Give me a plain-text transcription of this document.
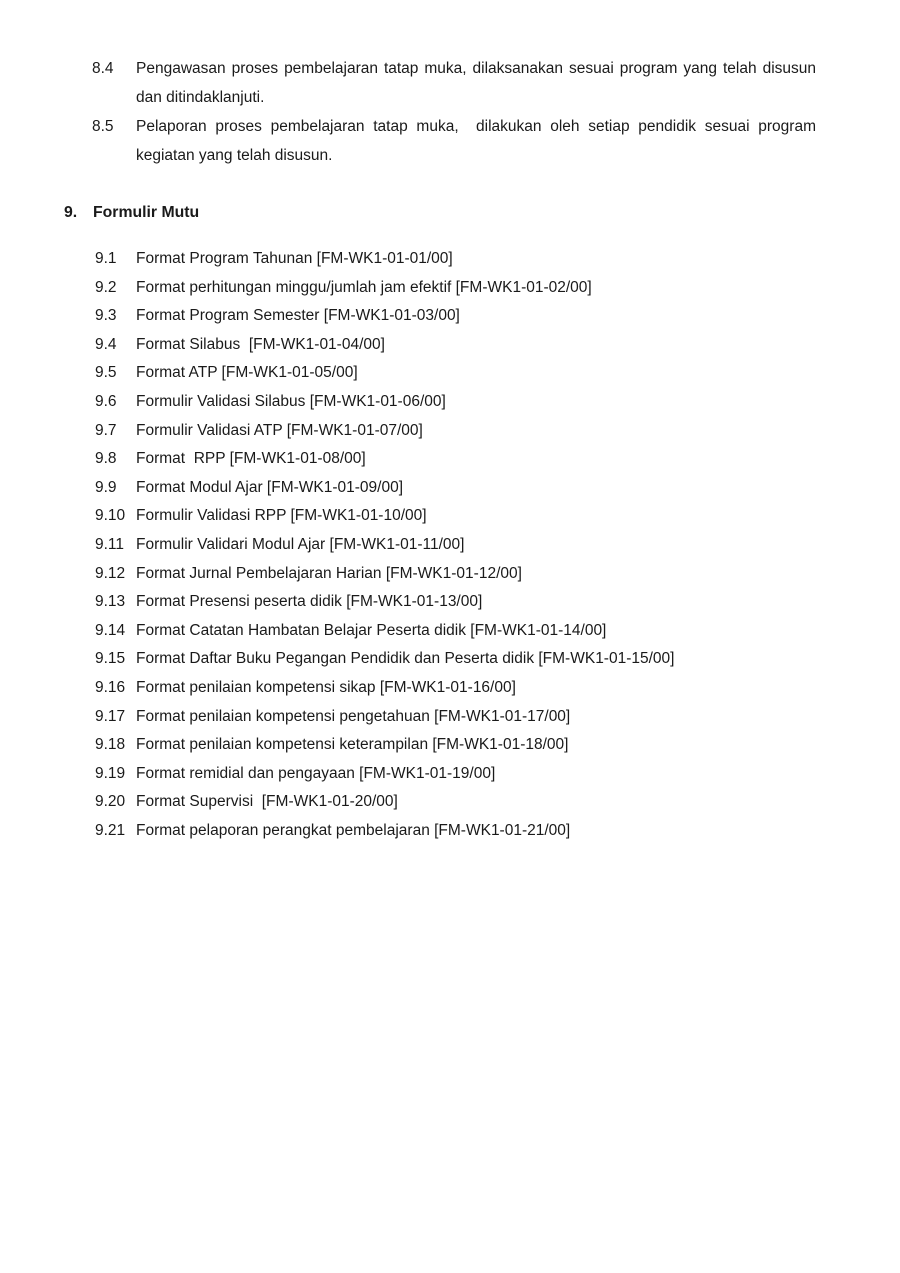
8.4	Pengawasan proses pembelajaran tatap muka, dilaksanakan sesuai program yang telah disusun dan ditindaklanjuti.
8.5	Pelaporan proses pembelajaran tatap muka,  dilakukan oleh setiap pendidik sesuai program kegiatan yang telah disusun.
9.	Formulir Mutu
9.1	Format Program Tahunan [FM-WK1-01-01/00]
9.2	Format perhitungan minggu/jumlah jam efektif [FM-WK1-01-02/00]
9.3	Format Program Semester [FM-WK1-01-03/00]
9.4	Format Silabus  [FM-WK1-01-04/00]
9.5	Format ATP [FM-WK1-01-05/00]
9.6	Formulir Validasi Silabus [FM-WK1-01-06/00]
9.7	Formulir Validasi ATP [FM-WK1-01-07/00]
9.8	Format  RPP [FM-WK1-01-08/00]
9.9	Format Modul Ajar [FM-WK1-01-09/00]
9.10 Formulir Validasi RPP [FM-WK1-01-10/00]
9.11 Formulir Validari Modul Ajar [FM-WK1-01-11/00]
9.12 Format Jurnal Pembelajaran Harian [FM-WK1-01-12/00]
9.13 Format Presensi peserta didik [FM-WK1-01-13/00]
9.14 Format Catatan Hambatan Belajar Peserta didik [FM-WK1-01-14/00]
9.15 Format Daftar Buku Pegangan Pendidik dan Peserta didik [FM-WK1-01-15/00]
9.16 Format penilaian kompetensi sikap [FM-WK1-01-16/00]
9.17 Format penilaian kompetensi pengetahuan [FM-WK1-01-17/00]
9.18 Format penilaian kompetensi keterampilan [FM-WK1-01-18/00]
9.19 Format remidial dan pengayaan [FM-WK1-01-19/00]
9.20 Format Supervisi  [FM-WK1-01-20/00]
9.21 Format pelaporan perangkat pembelajaran [FM-WK1-01-21/00]
